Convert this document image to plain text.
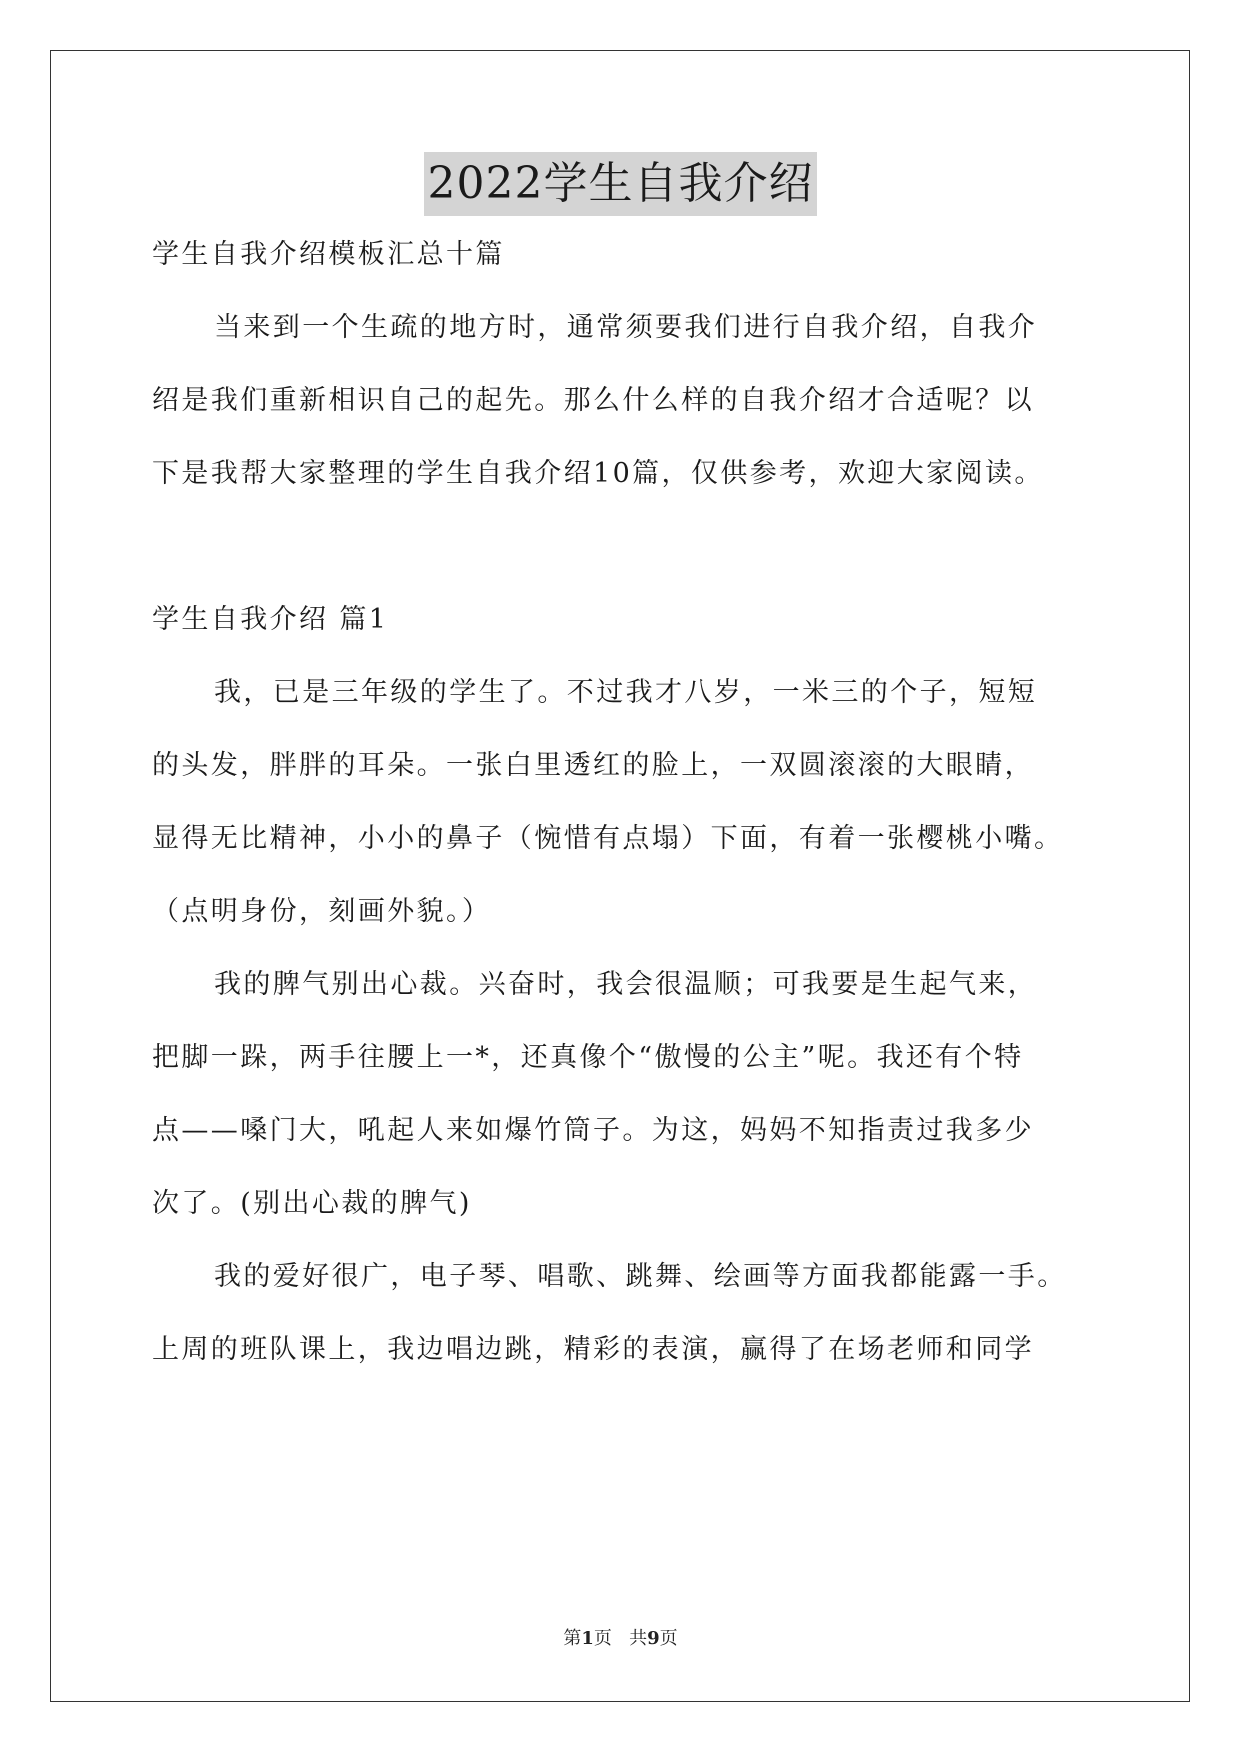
2022学生自我介绍
学生自我介绍模板汇总十篇
当来到一个生疏的地方时，通常须要我们进行自我介绍，自我介
绍是我们重新相识自己的起先。那么什么样的自我介绍才合适呢？以
下是我帮大家整理的学生自我介绍10篇，仅供参考，欢迎大家阅读。
学生自我介绍 篇1
我，已是三年级的学生了。不过我才八岁，一米三的个子，短短
的头发，胖胖的耳朵。一张白里透红的脸上，一双圆滚滚的大眼睛，
显得无比精神，小小的鼻子（惋惜有点塌）下面，有着一张樱桃小嘴。
（点明身份，刻画外貌。）
我的脾气别出心裁。兴奋时，我会很温顺；可我要是生起气来，
把脚一跺，两手往腰上一*，还真像个“傲慢的公主”呢。我还有个特
点——嗓门大，吼起人来如爆竹筒子。为这，妈妈不知指责过我多少
次了。(别出心裁的脾气)
我的爱好很广，电子琴、唱歌、跳舞、绘画等方面我都能露一手。
上周的班队课上，我边唱边跳，精彩的表演，赢得了在场老师和同学
第1页   共9页
